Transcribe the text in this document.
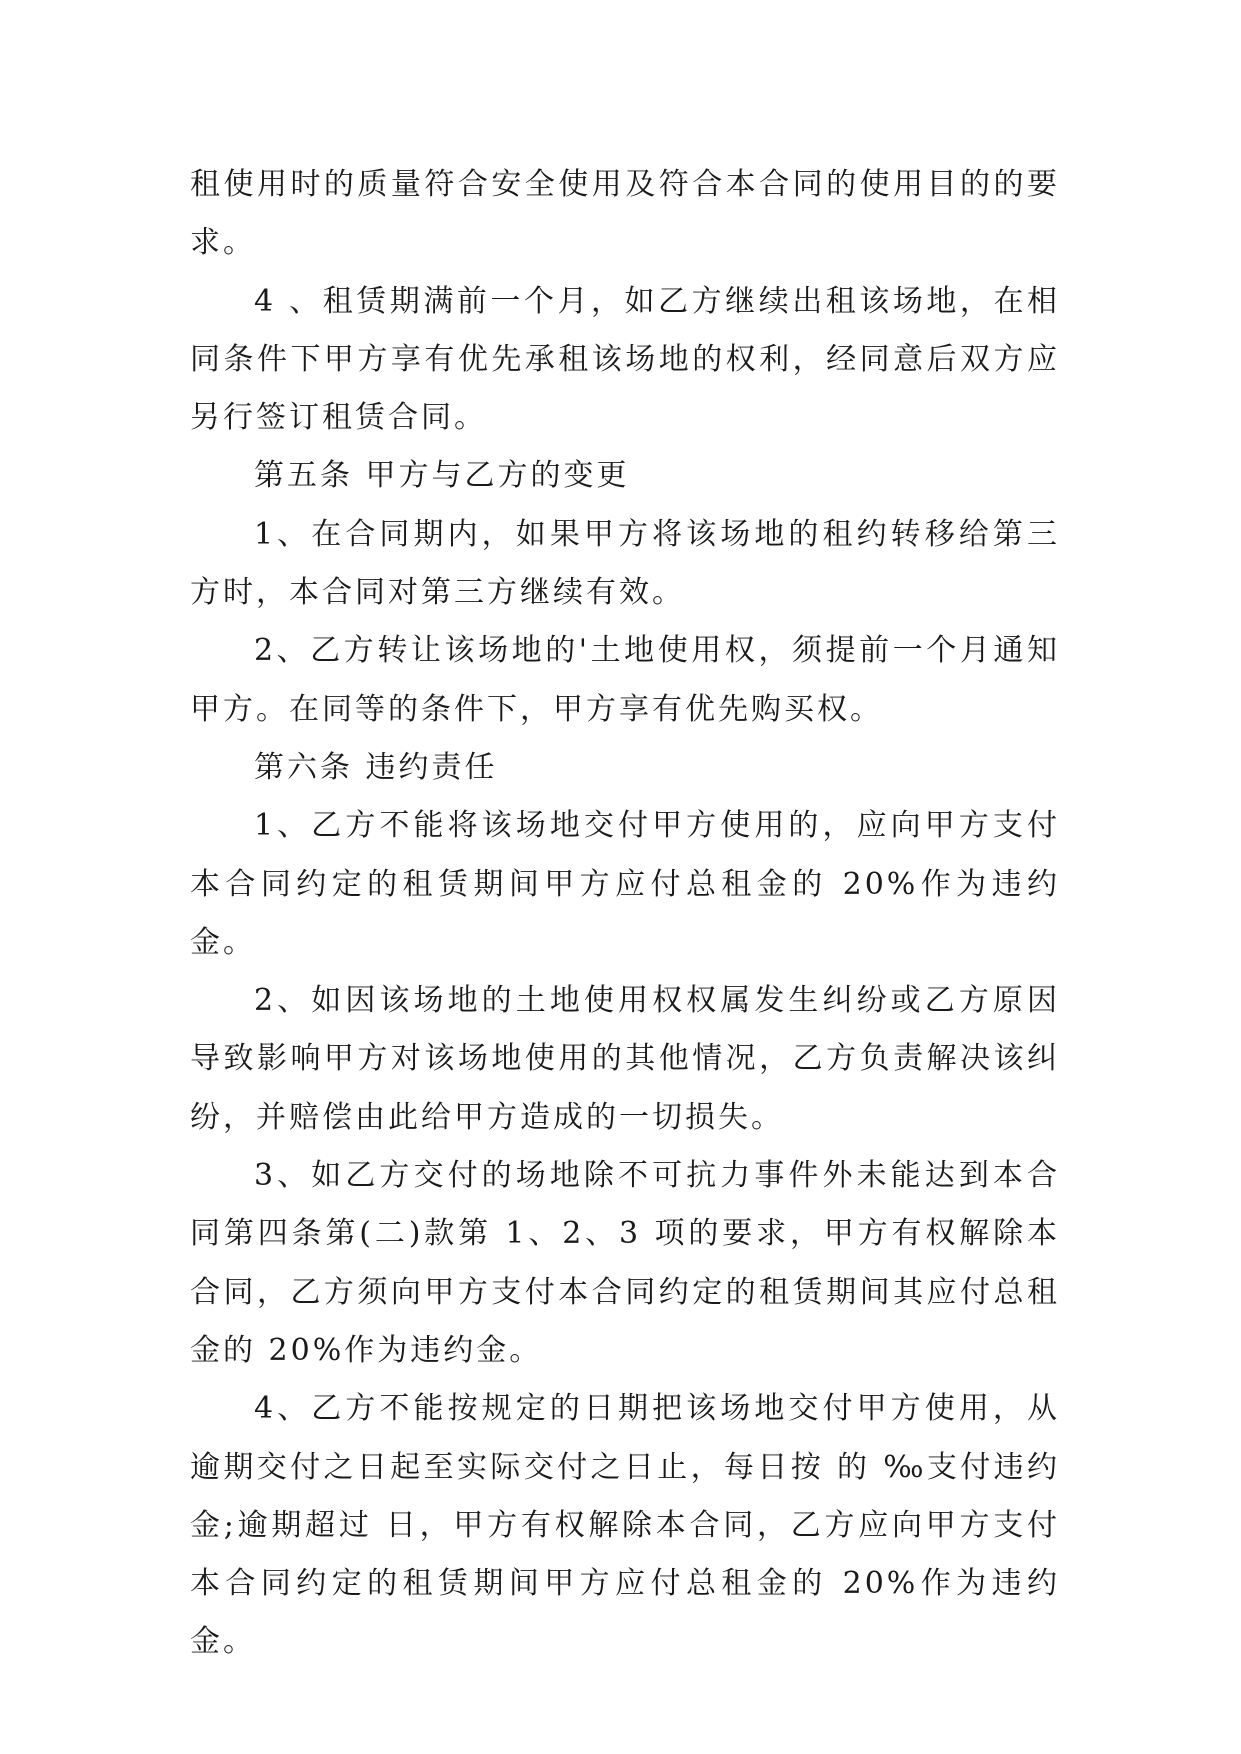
租使用时的质量符合安全使用及符合本合同的使用目的的要求。

4 、租赁期满前一个月，如乙方继续出租该场地，在相同条件下甲方享有优先承租该场地的权利，经同意后双方应另行签订租赁合同。

第五条 甲方与乙方的变更

1、在合同期内，如果甲方将该场地的租约转移给第三方时，本合同对第三方继续有效。

2、乙方转让该场地的'土地使用权，须提前一个月通知甲方。在同等的条件下，甲方享有优先购买权。

第六条 违约责任

1、乙方不能将该场地交付甲方使用的，应向甲方支付本合同约定的租赁期间甲方应付总租金的 20%作为违约金。

2、如因该场地的土地使用权权属发生纠纷或乙方原因导致影响甲方对该场地使用的其他情况，乙方负责解决该纠纷，并赔偿由此给甲方造成的一切损失。

3、如乙方交付的场地除不可抗力事件外未能达到本合同第四条第(二)款第 1、2、3 项的要求，甲方有权解除本合同，乙方须向甲方支付本合同约定的租赁期间其应付总租金的 20%作为违约金。

4、乙方不能按规定的日期把该场地交付甲方使用，从逾期交付之日起至实际交付之日止，每日按 的 ‰支付违约金;逾期超过 日，甲方有权解除本合同，乙方应向甲方支付本合同约定的租赁期间甲方应付总租金的 20%作为违约金。
